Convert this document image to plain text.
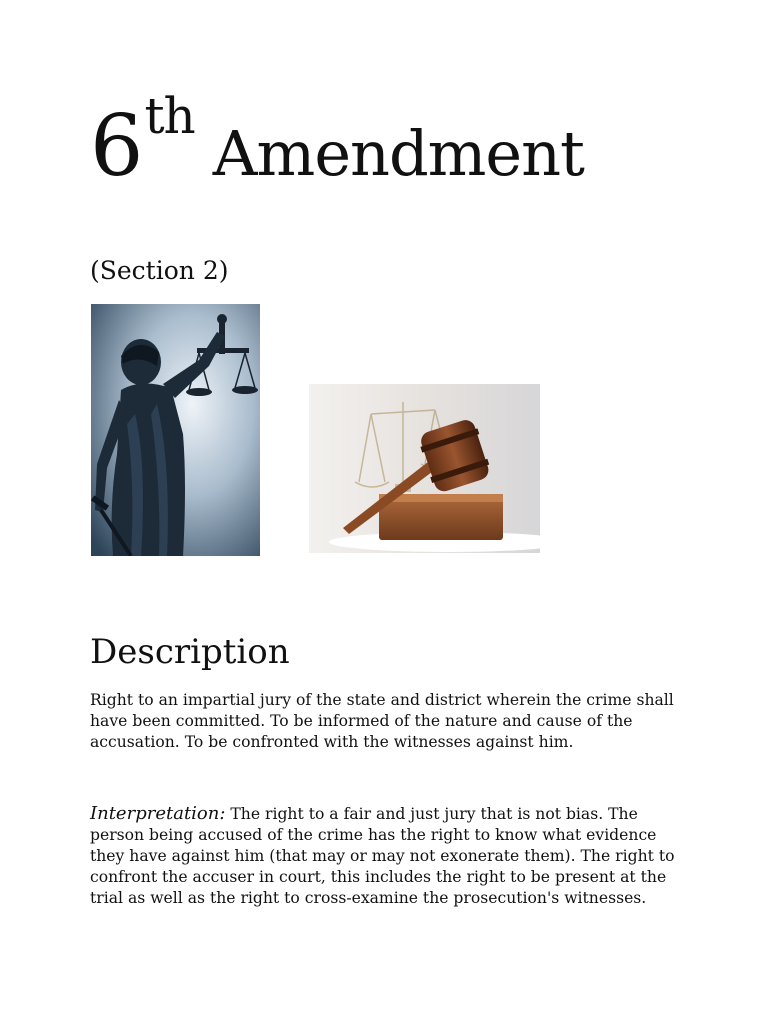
6thAmendment

(Section 2)

Description

Right to an impartial jury of the state and district wherein the crime shall have been committed. To be informed of the nature and cause of the accusation. To be confronted with the witnesses against him.

Interpretation: The right to a fair and just jury that is not bias. The person being accused of the crime has the right to know what evidence they have against him (that may or may not exonerate them). The right to confront the accuser in court, this includes the right to be present at the trial as well as the right to cross-examine the prosecution's witnesses.
